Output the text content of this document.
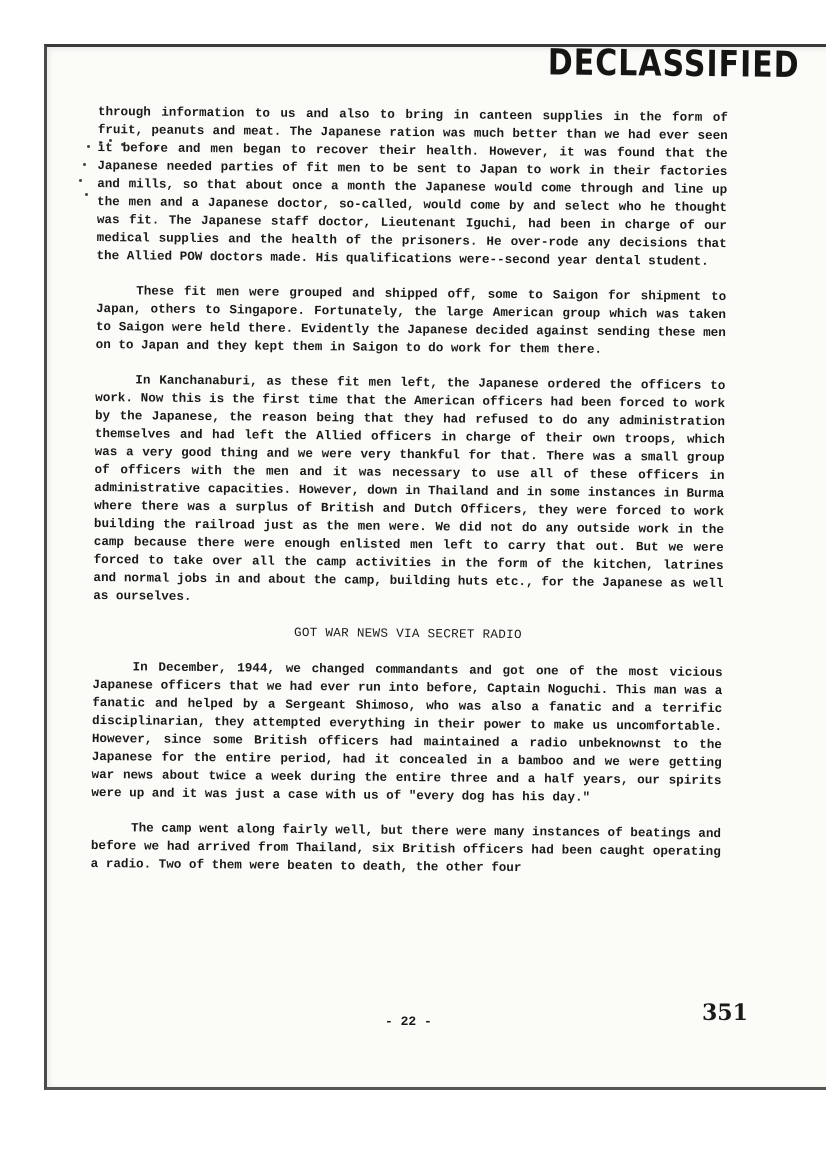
DECLASSIFIED

through information to us and also to bring in canteen supplies in the form of fruit, peanuts and meat. The Japanese ration was much better than we had ever seen it before and men began to recover their health. However, it was found that the Japanese needed parties of fit men to be sent to Japan to work in their factories and mills, so that about once a month the Japanese would come through and line up the men and a Japanese doctor, so-called, would come by and select who he thought was fit. The Japanese staff doctor, Lieutenant Iguchi, had been in charge of our medical supplies and the health of the prisoners. He over-rode any decisions that the Allied POW doctors made. His qualifications were--second year dental student.

These fit men were grouped and shipped off, some to Saigon for shipment to Japan, others to Singapore. Fortunately, the large American group which was taken to Saigon were held there. Evidently the Japanese decided against sending these men on to Japan and they kept them in Saigon to do work for them there.

In Kanchanaburi, as these fit men left, the Japanese ordered the officers to work. Now this is the first time that the American officers had been forced to work by the Japanese, the reason being that they had refused to do any administration themselves and had left the Allied officers in charge of their own troops, which was a very good thing and we were very thankful for that. There was a small group of officers with the men and it was necessary to use all of these officers in administrative capacities. However, down in Thailand and in some instances in Burma where there was a surplus of British and Dutch Officers, they were forced to work building the railroad just as the men were. We did not do any outside work in the camp because there were enough enlisted men left to carry that out. But we were forced to take over all the camp activities in the form of the kitchen, latrines and normal jobs in and about the camp, building huts etc., for the Japanese as well as ourselves.

GOT WAR NEWS VIA SECRET RADIO

In December, 1944, we changed commandants and got one of the most vicious Japanese officers that we had ever run into before, Captain Noguchi. This man was a fanatic and helped by a Sergeant Shimoso, who was also a fanatic and a terrific disciplinarian, they attempted everything in their power to make us uncomfortable. However, since some British officers had maintained a radio unbeknownst to the Japanese for the entire period, had it concealed in a bamboo and we were getting war news about twice a week during the entire three and a half years, our spirits were up and it was just a case with us of "every dog has his day."

The camp went along fairly well, but there were many instances of beatings and before we had arrived from Thailand, six British officers had been caught operating a radio. Two of them were beaten to death, the other four

- 22 -	351
